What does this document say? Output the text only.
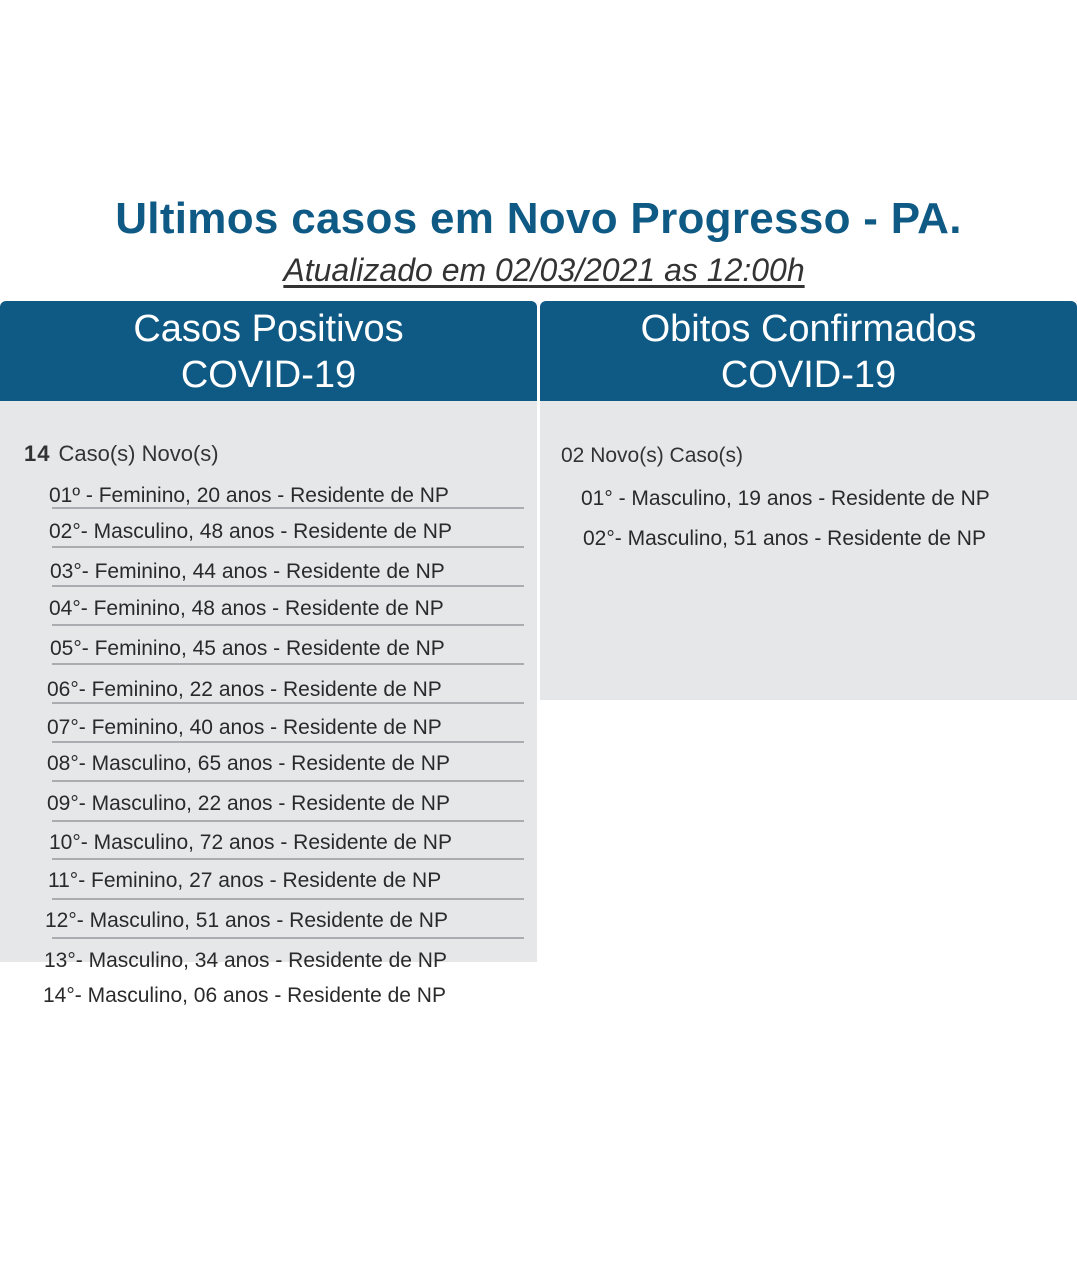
Ultimos casos em Novo Progresso - PA.
Atualizado em 02/03/2021 as 12:00h
Casos Positivos
COVID-19
Obitos Confirmados
COVID-19
14 Caso(s) Novo(s)
01º - Feminino, 20 anos - Residente de NP
02°- Masculino, 48 anos - Residente de NP
03°- Feminino, 44 anos - Residente de NP
04°- Feminino, 48 anos - Residente de NP
05°- Feminino, 45 anos - Residente de NP
06°- Feminino, 22 anos - Residente de NP
07°- Feminino, 40 anos - Residente de NP
08°- Masculino, 65 anos - Residente de NP
09°- Masculino, 22 anos - Residente de NP
10°- Masculino, 72 anos - Residente de NP
11°- Feminino, 27 anos - Residente de NP
12°- Masculino, 51 anos - Residente de NP
13°- Masculino, 34 anos - Residente de NP
14°- Masculino, 06 anos - Residente de NP
02 Novo(s) Caso(s)
01° - Masculino, 19 anos - Residente de NP
02°- Masculino, 51 anos - Residente de NP
